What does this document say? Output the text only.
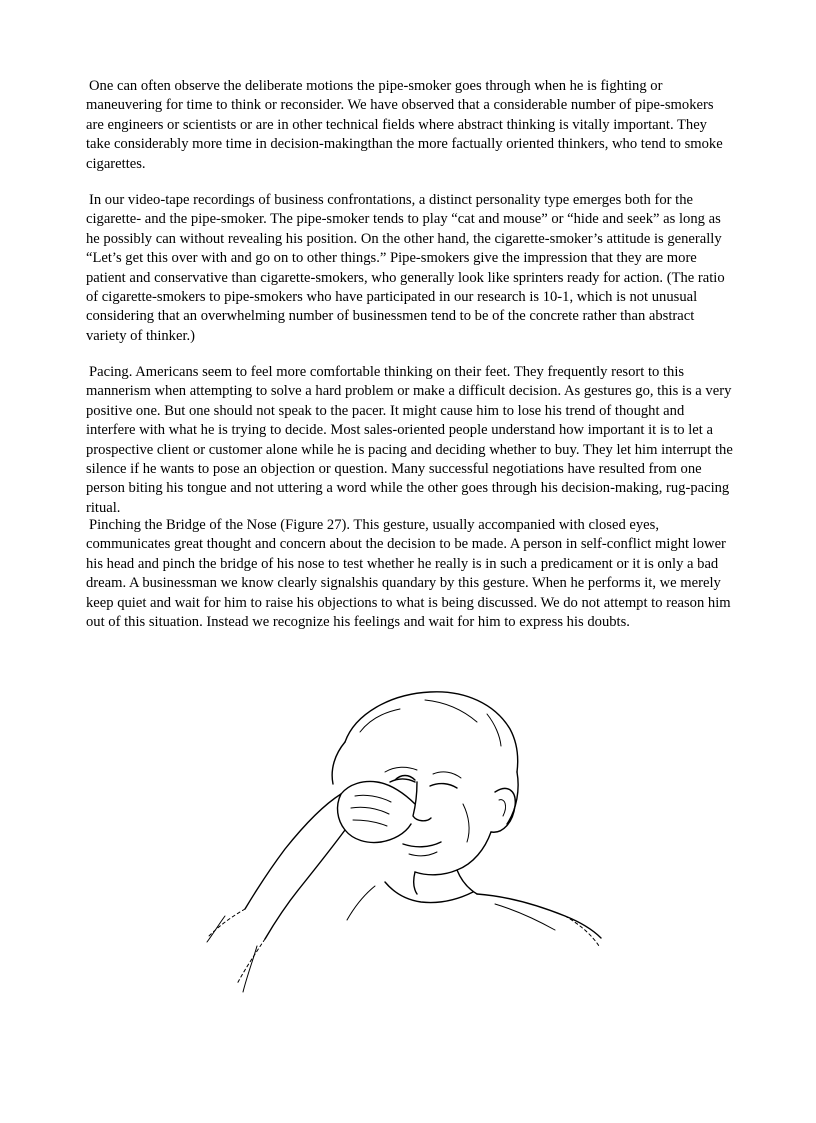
One can often observe the deliberate motions the pipe-smoker goes through when he is fighting or maneuvering for time to think or reconsider. We have observed that a considerable number of pipe-smokers are engineers or scientists or are in other technical fields where abstract thinking is vitally important. They take considerably more time in decision-makingthan the more factually oriented thinkers, who tend to smoke cigarettes.

In our video-tape recordings of business confrontations, a distinct personality type emerges both for the cigarette- and the pipe-smoker. The pipe-smoker tends to play “cat and mouse” or “hide and seek” as long as he possibly can without revealing his position. On the other hand, the cigarette-smoker’s attitude is generally “Let’s get this over with and go on to other things.” Pipe-smokers give the impression that they are more patient and conservative than cigarette-smokers, who generally look like sprinters ready for action. (The ratio of cigarette-smokers to pipe-smokers who have participated in our research is 10-1, which is not unusual considering that an overwhelming number of businessmen tend to be of the concrete rather than abstract variety of thinker.)

Pacing. Americans seem to feel more comfortable thinking on their feet. They frequently resort to this mannerism when attempting to solve a hard problem or make a difficult decision. As gestures go, this is a very positive one. But one should not speak to the pacer. It might cause him to lose his trend of thought and interfere with what he is trying to decide. Most sales-oriented people understand how important it is to let a prospective client or customer alone while he is pacing and deciding whether to buy. They let him interrupt the silence if he wants to pose an objection or question. Many successful negotiations have resulted from one person biting his tongue and not uttering a word while the other goes through his decision-making, rug-pacing ritual.

Pinching the Bridge of the Nose (Figure 27). This gesture, usually accompanied with closed eyes, communicates great thought and concern about the decision to be made. A person in self-conflict might lower his head and pinch the bridge of his nose to test whether he really is in such a predicament or it is only a bad dream. A businessman we know clearly signalshis quandary by this gesture. When he performs it, we merely keep quiet and wait for him to raise his objections to what is being discussed. We do not attempt to reason him out of this situation. Instead we recognize his feelings and wait for him to express his doubts.
